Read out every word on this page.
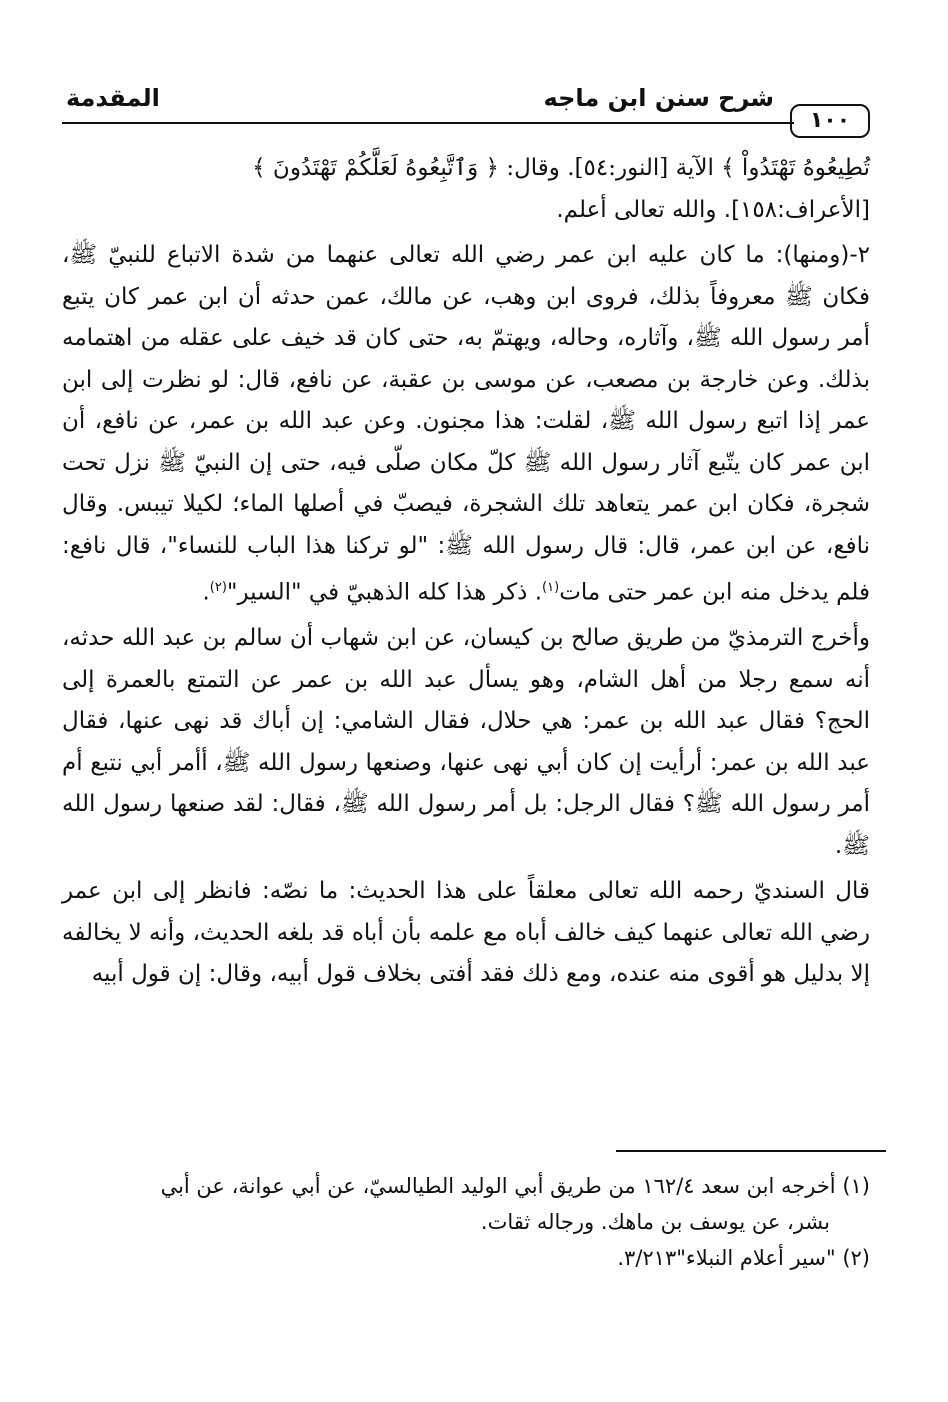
١٠٠
شرح سنن ابن ماجه
المقدمة

تُطِيعُوهُ تَهْتَدُواْ ﴾ الآية [النور:٥٤]. وقال: ﴿ وَٱتَّبِعُوهُ لَعَلَّكُمْ تَهْتَدُونَ ﴾

[الأعراف:١٥٨]. والله تعالى أعلم.

٢-(ومنها): ما كان عليه ابن عمر رضي الله تعالى عنهما من شدة الاتباع للنبيّ ﷺ، فكان ﷺ معروفاً بذلك، فروى ابن وهب، عن مالك، عمن حدثه أن ابن عمر كان يتبع أمر رسول الله ﷺ، وآثاره، وحاله، ويهتمّ به، حتى كان قد خيف على عقله من اهتمامه بذلك. وعن خارجة بن مصعب، عن موسى بن عقبة، عن نافع، قال: لو نظرت إلى ابن عمر إذا اتبع رسول الله ﷺ، لقلت: هذا مجنون. وعن عبد الله بن عمر، عن نافع، أن ابن عمر كان يتّبع آثار رسول الله ﷺ كلّ مكان صلّى فيه، حتى إن النبيّ ﷺ نزل تحت شجرة، فكان ابن عمر يتعاهد تلك الشجرة، فيصبّ في أصلها الماء؛ لكيلا تيبس. وقال نافع، عن ابن عمر، قال: قال رسول الله ﷺ: "لو تركنا هذا الباب للنساء"، قال نافع: فلم يدخل منه ابن عمر حتى مات$^{(١)}$. ذكر هذا كله الذهبيّ في "السير"$^{(٢)}$.

وأخرج الترمذيّ من طريق صالح بن كيسان، عن ابن شهاب أن سالم بن عبد الله حدثه، أنه سمع رجلا من أهل الشام، وهو يسأل عبد الله بن عمر عن التمتع بالعمرة إلى الحج؟ فقال عبد الله بن عمر: هي حلال، فقال الشامي: إن أباك قد نهى عنها، فقال عبد الله بن عمر: أرأيت إن كان أبي نهى عنها، وصنعها رسول الله ﷺ، أأمر أبي نتبع أم أمر رسول الله ﷺ؟ فقال الرجل: بل أمر رسول الله ﷺ، فقال: لقد صنعها رسول الله ﷺ.

قال السنديّ رحمه الله تعالى معلقاً على هذا الحديث: ما نصّه: فانظر إلى ابن عمر رضي الله تعالى عنهما كيف خالف أباه مع علمه بأن أباه قد بلغه الحديث، وأنه لا يخالفه إلا بدليل هو أقوى منه عنده، ومع ذلك فقد أفتى بخلاف قول أبيه، وقال: إن قول أبيه

(١) أخرجه ابن سعد ١٦٢/٤ من طريق أبي الوليد الطيالسيّ، عن أبي عوانة، عن أبي

بشر، عن يوسف بن ماهك. ورجاله ثقات.

(٢) "سير أعلام النبلاء"٣/٢١٣.
